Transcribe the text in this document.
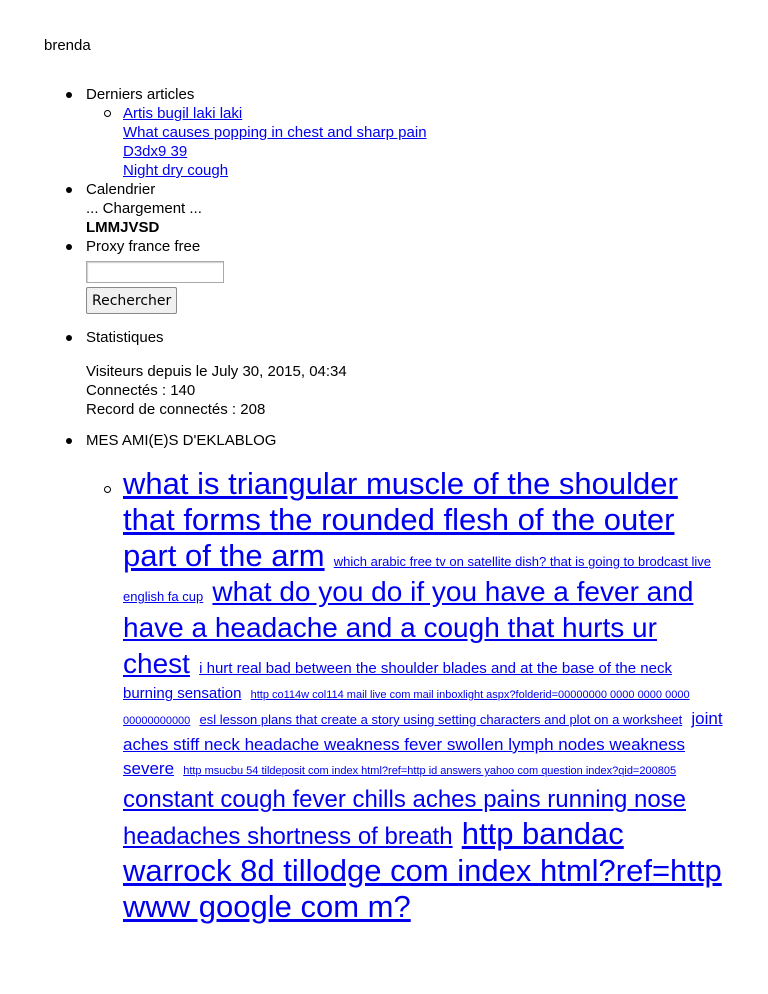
brenda
Derniers articles
Artis bugil laki laki
What causes popping in chest and sharp pain
D3dx9 39
Night dry cough
Calendrier
... Chargement ...
LMMJVSD
Proxy france free
Rechercher
Statistiques
Visiteurs depuis le July 30, 2015, 04:34
Connectés : 140
Record de connectés : 208
MES AMI(E)S D'EKLABLOG
what is triangular muscle of the shoulder that forms the rounded flesh of the outer part of the arm which arabic free tv on satellite dish? that is going to brodcast live english fa cup what do you do if you have a fever and have a headache and a cough that hurts ur chest i hurt real bad between the shoulder blades and at the base of the neck burning sensation http co114w col114 mail live com mail inboxlight aspx?folderid=00000000 0000 0000 0000 00000000000 esl lesson plans that create a story using setting characters and plot on a worksheet joint aches stiff neck headache weakness fever swollen lymph nodes weakness severe http msucbu 54 tildeposit com index html?ref=http id answers yahoo com question index?qid=200805 constant cough fever chills aches pains running nose headaches shortness of breath http bandac warrock 8d tillodge com index html?ref=http www google com m?
